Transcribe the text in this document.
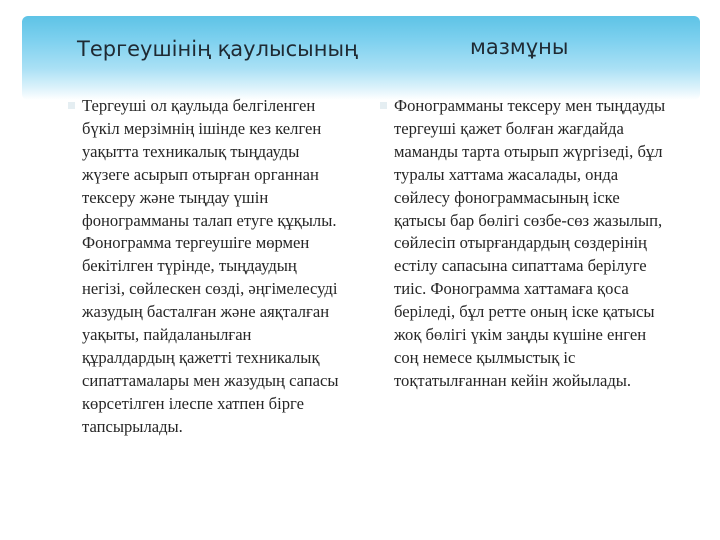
Тергеушінің қаулысының	мазмұны

Тергеуші ол қаулыда белгіленген бүкіл мерзімнің ішінде кез келген уақытта техникалық тыңдауды жүзеге асырып отырған органнан тексеру және тыңдау үшін фонограмманы талап етуге құқылы. Фонограмма тергеушіге мөрмен бекітілген түрінде, тыңдаудың негізі, сөйлескен сөзді, әңгімелесуді жазудың басталған және аяқталған уақыты, пайдаланылған құралдардың қажетті техникалық сипаттамалары мен жазудың сапасы көрсетілген ілеспе хатпен бірге тапсырылады.

Фонограмманы тексеру мен тыңдауды тергеуші қажет болған жағдайда маманды тарта отырып жүргізеді, бұл туралы хаттама жасалады, онда сөйлесу фонограммасының іске қатысы бар бөлігі сөзбе-сөз жазылып, сөйлесіп отырғандардың сөздерінің естілу сапасына сипаттама берілуге тиіс. Фонограмма хаттамаға қоса беріледі, бұл ретте оның іске қатысы жоқ бөлігі үкім заңды күшіне енген соң немесе қылмыстық іс тоқтатылғаннан кейін жойылады.
